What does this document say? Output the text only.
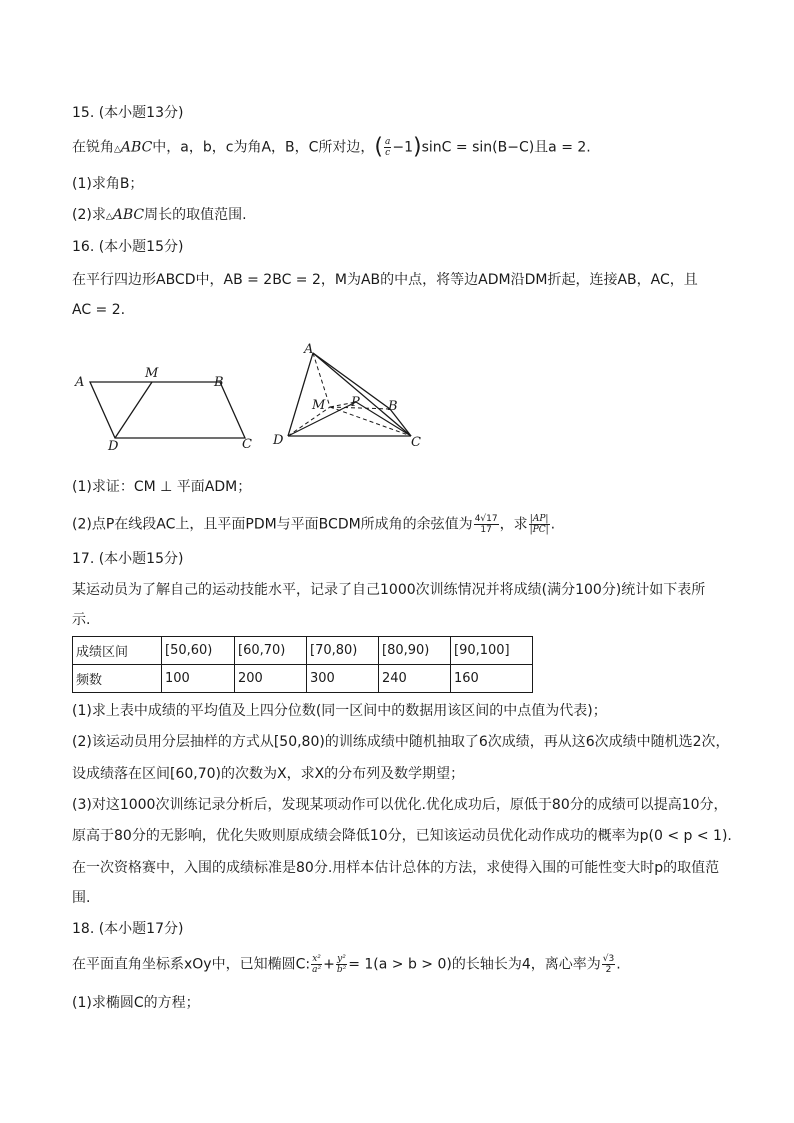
15. (本小题13分)
在锐角△ABC中，a，b，c为角A，B，C所对边，( $\frac{a}{c} -1)\sin C = \sin(B-C)$且a = 2.
(1)求角B；
(2)求△ABC周长的取值范围.
16. (本小题15分)
在平行四边形ABCD中，AB = 2BC = 2，M为AB的中点，将等边ADM沿DM折起，连接AB，AC，且
AC = 2.
A
M
B
D	C
A
M P B
D	C
(1)求证：CM ⊥ 平面ADM；
(2)点P在线段AC上，且平面PDM与平面BCDM所成角的余弦值为 $\frac{4√17}{17}$ ，求 $\frac{|AP|}{|PC|}$ .
17. (本小题15分)
某运动员为了解自己的运动技能水平，记录了自己1000次训练情况并将成绩(满分100分)统计如下表所
示.
成绩区间	[50,60)	[60,70)	[70,80)	[80,90)	[90,100]
频数	100	200	300	240	160
(1)求上表中成绩的平均值及上四分位数(同一区间中的数据用该区间的中点值为代表)；
(2)该运动员用分层抽样的方式从[50,80)的训练成绩中随机抽取了6次成绩，再从这6次成绩中随机选2次，
设成绩落在区间[60,70)的次数为X，求X的分布列及数学期望；
(3)对这1000次训练记录分析后，发现某项动作可以优化.优化成功后，原低于80分的成绩可以提高10分，
原高于80分的无影响，优化失败则原成绩会降低10分，已知该运动员优化动作成功的概率为p(0 < p < 1).
在一次资格赛中，入围的成绩标准是80分.用样本估计总体的方法，求使得入围的可能性变大时p的取值范
围.
18. (本小题17分)
在平面直角坐标系xOy中，已知椭圆C: $\frac{\text{x²}}{\text{a²}} + \frac{\text{y²}}{\text{b²}} = 1(a > b > 0)$的长轴长为4，离心率为 $\frac{√3}{2}$ .
(1)求椭圆C的方程；
